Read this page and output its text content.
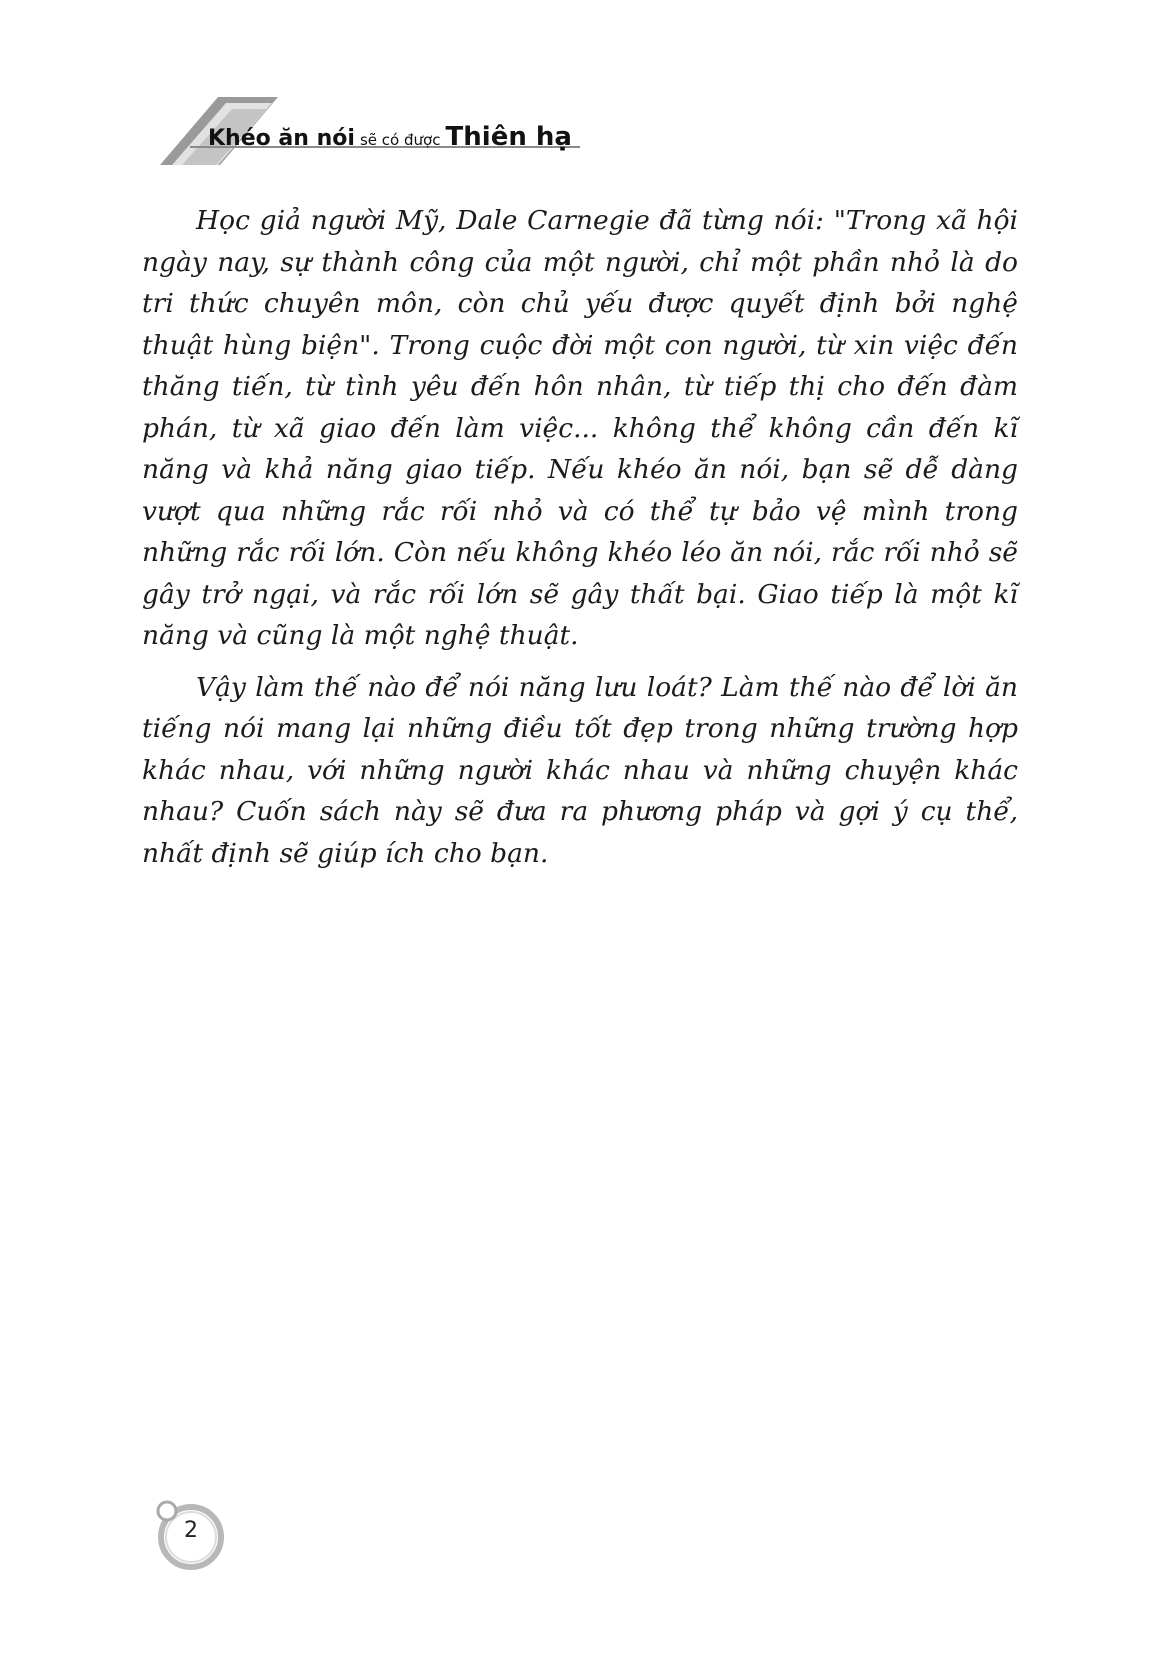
Khéo ăn nói sẽ có được Thiên hạ

Học giả người Mỹ, Dale Carnegie đã từng nói: "Trong xã hội ngày nay, sự thành công của một người, chỉ một phần nhỏ là do tri thức chuyên môn, còn chủ yếu được quyết định bởi nghệ thuật hùng biện". Trong cuộc đời một con người, từ xin việc đến thăng tiến, từ tình yêu đến hôn nhân, từ tiếp thị cho đến đàm phán, từ xã giao đến làm việc... không thể không cần đến kĩ năng và khả năng giao tiếp. Nếu khéo ăn nói, bạn sẽ dễ dàng vượt qua những rắc rối nhỏ và có thể tự bảo vệ mình trong những rắc rối lớn. Còn nếu không khéo léo ăn nói, rắc rối nhỏ sẽ gây trở ngại, và rắc rối lớn sẽ gây thất bại. Giao tiếp là một kĩ năng và cũng là một nghệ thuật.

Vậy làm thế nào để nói năng lưu loát? Làm thế nào để lời ăn tiếng nói mang lại những điều tốt đẹp trong những trường hợp khác nhau, với những người khác nhau và những chuyện khác nhau? Cuốn sách này sẽ đưa ra phương pháp và gợi ý cụ thể, nhất định sẽ giúp ích cho bạn.

2
